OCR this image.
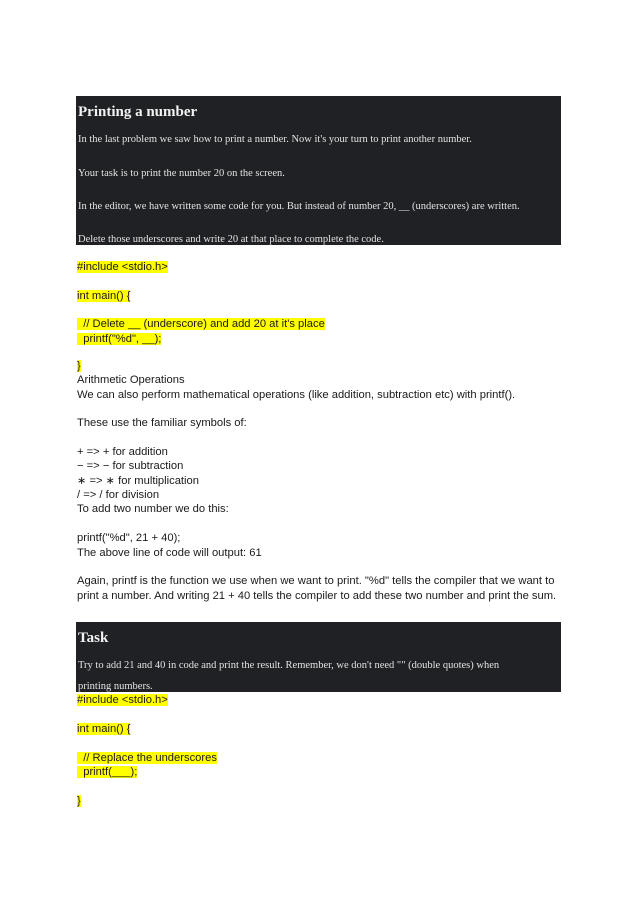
Printing a number

In the last problem we saw how to print a number. Now it's your turn to print another number.

Your task is to print the number 20 on the screen.

In the editor, we have written some code for you. But instead of number 20, __ (underscores) are written.

Delete those underscores and write 20 at that place to complete the code.

#include <stdio.h>
int main() {
// Delete __ (underscore) and add 20 at it's place
printf("%d", __);
}
Arithmetic Operations
We can also perform mathematical operations (like addition, subtraction etc) with printf().
These use the familiar symbols of:
+ => + for addition
− => − for subtraction
∗ => ∗ for multiplication
/ => / for division
To add two number we do this:
printf("%d", 21 + 40);
The above line of code will output: 61
Again, printf is the function we use when we want to print. "%d" tells the compiler that we want to
print a number. And writing 21 + 40 tells the compiler to add these two number and print the sum.
Task

Try to add 21 and 40 in code and print the result. Remember, we don't need "" (double quotes) when

printing numbers.

#include <stdio.h>
int main() {
// Replace the underscores
printf(___);
}
